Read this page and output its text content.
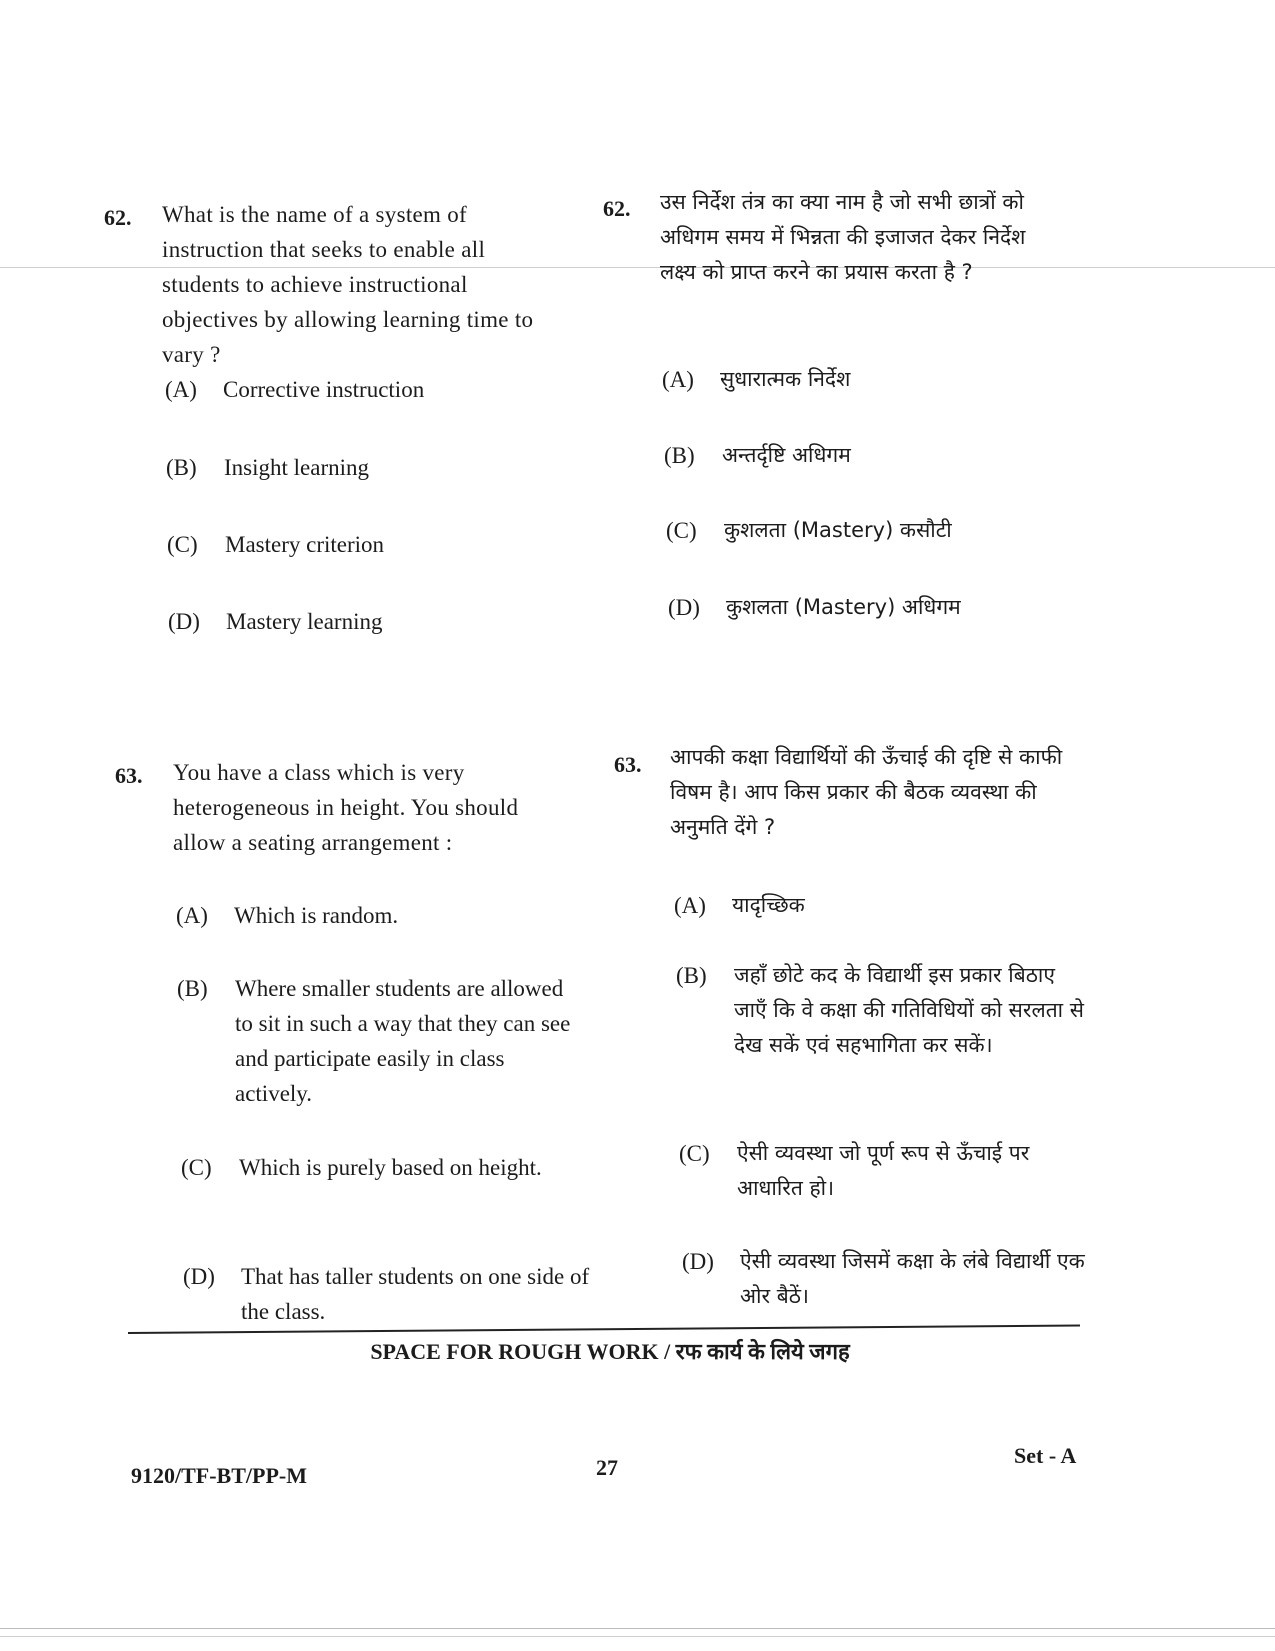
62. What is the name of a system of instruction that seeks to enable all students to achieve instructional objectives by allowing learning time to vary ?
(A)	Corrective instruction
(B)	Insight learning
(C)	Mastery criterion
(D)	Mastery learning
62. उस निर्देश तंत्र का क्या नाम है जो सभी छात्रों को अधिगम समय में भिन्नता की इजाजत देकर निर्देश लक्ष्य को प्राप्त करने का प्रयास करता है ?
(A)	सुधारात्मक निर्देश
(B)	अन्तर्दृष्टि अधिगम
(C)	कुशलता (Mastery) कसौटी
(D)	कुशलता (Mastery) अधिगम
63. You have a class which is very heterogeneous in height. You should allow a seating arrangement :
(A)	Which is random.
(B)	Where smaller students are allowed to sit in such a way that they can see and participate easily in class actively.
(C)	Which is purely based on height.
(D)	That has taller students on one side of the class.
63. आपकी कक्षा विद्यार्थियों की ऊँचाई की दृष्टि से काफी विषम है। आप किस प्रकार की बैठक व्यवस्था की अनुमति देंगे ?
(A)	यादृच्छिक
(B)	जहाँ छोटे कद के विद्यार्थी इस प्रकार बिठाए जाएँ कि वे कक्षा की गतिविधियों को सरलता से देख सकें एवं सहभागिता कर सकें।
(C)	ऐसी व्यवस्था जो पूर्ण रूप से ऊँचाई पर आधारित हो।
(D)	ऐसी व्यवस्था जिसमें कक्षा के लंबे विद्यार्थी एक ओर बैठें।
SPACE FOR ROUGH WORK / रफ कार्य के लिये जगह
9120/TF-BT/PP-M	27	Set - A
